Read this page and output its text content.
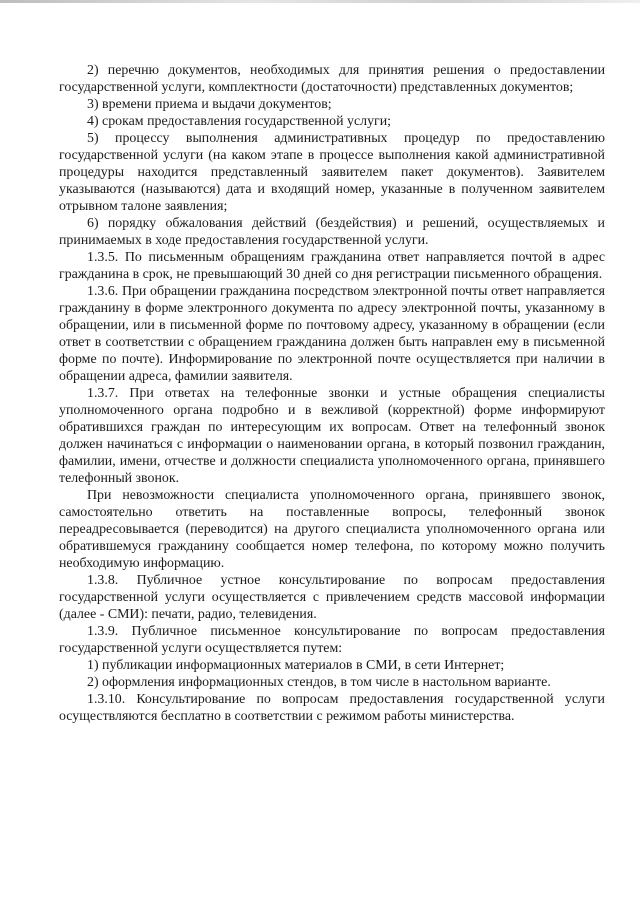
2) перечню документов, необходимых для принятия решения о предоставлении государственной услуги, комплектности (достаточности) представленных документов;

3) времени приема и выдачи документов;

4) срокам предоставления государственной услуги;

5) процессу выполнения административных процедур по предоставлению государственной услуги (на каком этапе в процессе выполнения какой административной процедуры находится представленный заявителем пакет документов). Заявителем указываются (называются) дата и входящий номер, указанные в полученном заявителем отрывном талоне заявления;

6) порядку обжалования действий (бездействия) и решений, осуществляемых и принимаемых в ходе предоставления государственной услуги.

1.3.5. По письменным обращениям гражданина ответ направляется почтой в адрес гражданина в срок, не превышающий 30 дней со дня регистрации письменного обращения.

1.3.6. При обращении гражданина посредством электронной почты ответ направляется гражданину в форме электронного документа по адресу электронной почты, указанному в обращении, или в письменной форме по почтовому адресу, указанному в обращении (если ответ в соответствии с обращением гражданина должен быть направлен ему в письменной форме по почте). Информирование по электронной почте осуществляется при наличии в обращении адреса, фамилии заявителя.

1.3.7. При ответах на телефонные звонки и устные обращения специалисты уполномоченного органа подробно и в вежливой (корректной) форме информируют обратившихся граждан по интересующим их вопросам. Ответ на телефонный звонок должен начинаться с информации о наименовании органа, в который позвонил гражданин, фамилии, имени, отчестве и должности специалиста уполномоченного органа, принявшего телефонный звонок.

При невозможности специалиста уполномоченного органа, принявшего звонок, самостоятельно ответить на поставленные вопросы, телефонный звонок переадресовывается (переводится) на другого специалиста уполномоченного органа или обратившемуся гражданину сообщается номер телефона, по которому можно получить необходимую информацию.

1.3.8. Публичное устное консультирование по вопросам предоставления государственной услуги осуществляется с привлечением средств массовой информации (далее - СМИ): печати, радио, телевидения.

1.3.9. Публичное письменное консультирование по вопросам предоставления государственной услуги осуществляется путем:

1) публикации информационных материалов в СМИ, в сети Интернет;

2) оформления информационных стендов, в том числе в настольном варианте.

1.3.10. Консультирование по вопросам предоставления государственной услуги осуществляются бесплатно в соответствии с режимом работы министерства.
